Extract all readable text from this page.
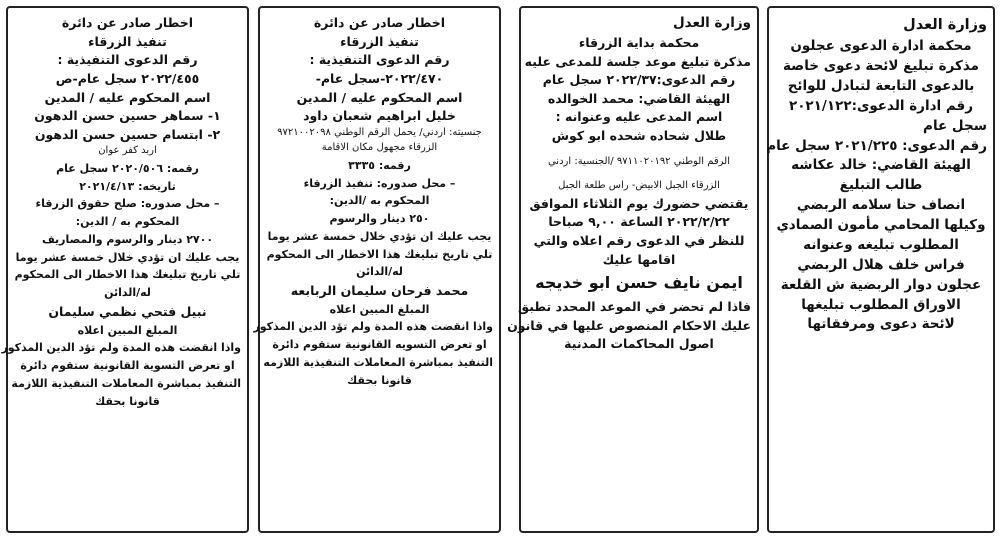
وزارة العدل
محكمة ادارة الدعوى عجلون
مذكرة تبليغ لائحة دعوى خاصة
بالدعوى التابعة لتبادل للوائح
رقم ادارة الدعوى:٢٠٢١/١٢٢
سجل عام
رقم الدعوى: ٢٠٢١/٢٢٥ سجل عام
الهيئة القاضي: خالد عكاشه
طالب التبليغ
انصاف حنا سلامه الربضي
وكيلها المحامي مأمون الصمادي
المطلوب تبليغه وعنوانه
فراس خلف هلال الربضي
عجلون دوار الربضية ش القلعة
الاوراق المطلوب تبليغها
لائحة دعوى ومرفقاتها
وزارة العدل
محكمة بداية الزرقاء
مذكرة تبليغ موعد جلسة للمدعى عليه
رقم الدعوى:٢٠٢٢/٣٧ سجل عام
الهيئة القاضي: محمد الخوالده
اسم المدعى عليه وعنوانه :
طلال شحاده شحده ابو كوش
الرقم الوطني ٩٧١١٠٢٠١٩٢ /الجنسية: اردني
الزرقاء الجبل الابيض- راس طلعة الجبل
يقتضي حضورك يوم الثلاثاء الموافق
٢٠٢٢/٢/٢٢ الساعة ٩,٠٠ صباحا
للنظر في الدعوى رقم اعلاه والتي
اقامها عليك
ايمن نايف حسن ابو خديجه
فاذا لم تحضر في الموعد المحدد تطبق
عليك الاحكام المنصوص عليها في قانون
اصول المحاكمات المدنية
اخطار صادر عن دائرة
تنفيذ الزرقاء
رقم الدعوى التنفيذية :
٢٠٢٢/٤٧٠-سجل عام-
اسم المحكوم عليه / المدين
خليل ابراهيم شعبان داود
جنسيته: اردني/ يحمل الرقم الوطني ٩٧٢١٠٠٢٠٩٨
الزرقاء مجهول مكان الاقامة
رقمه: ٣٣٣٥
– محل صدوره: تنفيذ الزرقاء
المحكوم به /الدين:
٢٥٠ دينار والرسوم
يجب عليك ان تؤدي خلال خمسة عشر يوما
تلي تاريخ تبليغك هذا الاخطار الى المحكوم
له/الدائن
محمد فرحان سليمان الربابعه
المبلغ المبين اعلاه
واذا انقضت هذه المدة ولم تؤد الدين المذكور
او تعرض التسويه القانونية ستقوم دائرة
التنفيذ بمباشرة المعاملات التنفيذية اللازمه
قانونا بحقك
اخطار صادر عن دائرة
تنفيذ الزرقاء
رقم الدعوى التنفيذية :
٢٠٢٢/٤٥٥ سجل عام-ص
اسم المحكوم عليه / المدين
١- سماهر حسين حسن الدهون
٢- ابتسام حسين حسن الدهون
اربد كفر عوان
رقمه: ٢٠٢٠/٥٠٦ سجل عام
تاريخه: ٢٠٢١/٤/١٣
– محل صدوره: صلح حقوق الزرقاء
المحكوم به / الدين:
٢٧٠٠ دينار والرسوم والمصاريف
يجب عليك ان تؤدي خلال خمسة عشر يوما
تلي تاريخ تبليغك هذا الاخطار الى المحكوم
له/الدائن
نبيل فتحي نظمي سليمان
المبلغ المبين اعلاه
واذا انقضت هذه المدة ولم تؤد الدين المذكور
او تعرض التسوية القانونية ستقوم دائرة
التنفيذ بمباشرة المعاملات التنفيذية اللازمة
قانونا بحقك
